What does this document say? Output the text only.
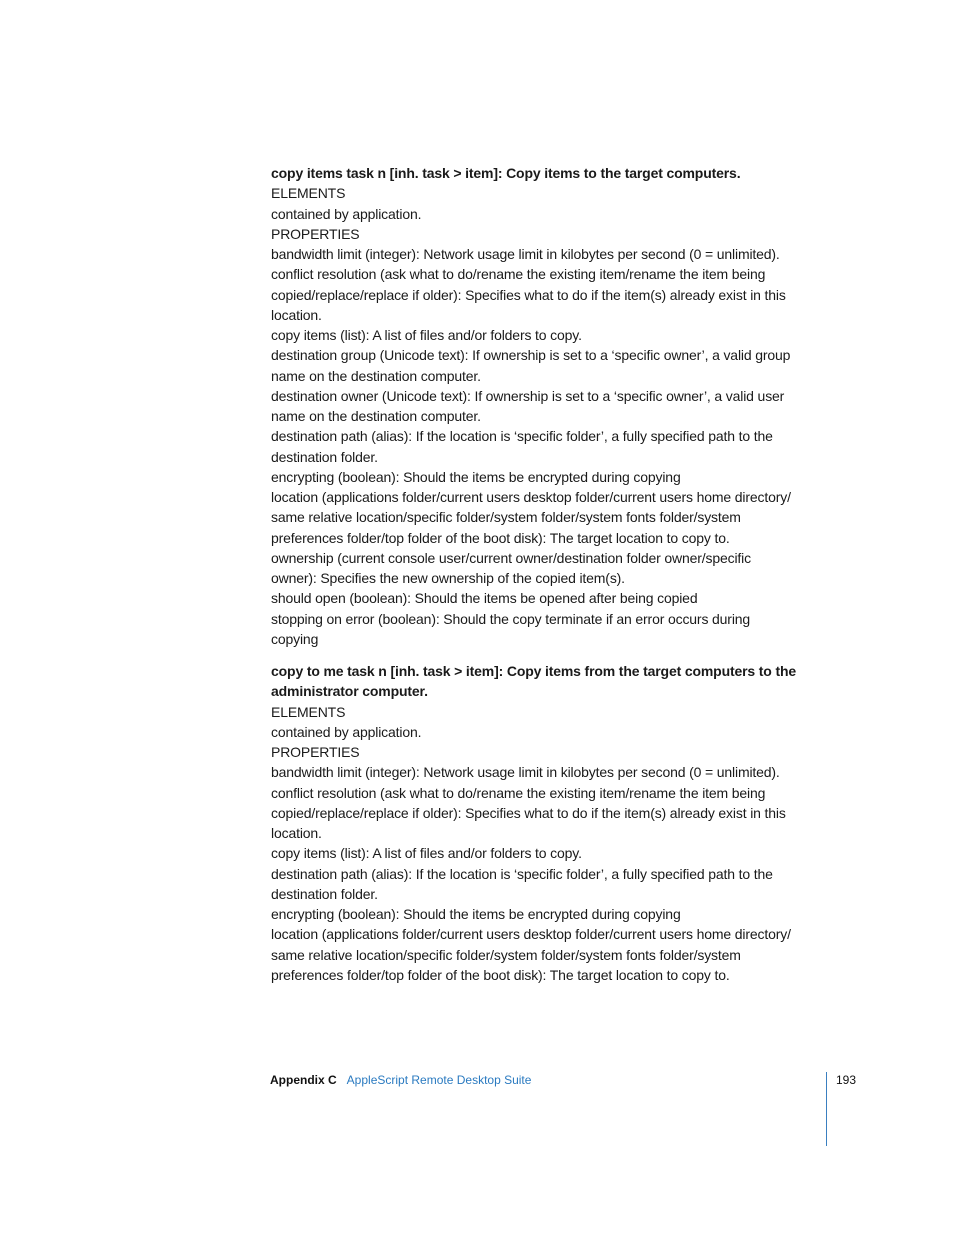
copy items task n [inh. task > item]: Copy items to the target computers.
ELEMENTS
contained by application.
PROPERTIES
bandwidth limit (integer): Network usage limit in kilobytes per second (0 = unlimited).
conflict resolution (ask what to do/rename the existing item/rename the item being
copied/replace/replace if older): Specifies what to do if the item(s) already exist in this
location.
copy items (list): A list of files and/or folders to copy.
destination group (Unicode text): If ownership is set to a ‘specific owner’, a valid group
name on the destination computer.
destination owner (Unicode text): If ownership is set to a ‘specific owner’, a valid user
name on the destination computer.
destination path (alias): If the location is ‘specific folder’, a fully specified path to the
destination folder.
encrypting (boolean): Should the items be encrypted during copying
location (applications folder/current users desktop folder/current users home directory/
same relative location/specific folder/system folder/system fonts folder/system
preferences folder/top folder of the boot disk): The target location to copy to.
ownership (current console user/current owner/destination folder owner/specific
owner): Specifies the new ownership of the copied item(s).
should open (boolean): Should the items be opened after being copied
stopping on error (boolean): Should the copy terminate if an error occurs during
copying
copy to me task n [inh. task > item]: Copy items from the target computers to the
administrator computer.
ELEMENTS
contained by application.
PROPERTIES
bandwidth limit (integer): Network usage limit in kilobytes per second (0 = unlimited).
conflict resolution (ask what to do/rename the existing item/rename the item being
copied/replace/replace if older): Specifies what to do if the item(s) already exist in this
location.
copy items (list): A list of files and/or folders to copy.
destination path (alias): If the location is ‘specific folder’, a fully specified path to the
destination folder.
encrypting (boolean): Should the items be encrypted during copying
location (applications folder/current users desktop folder/current users home directory/
same relative location/specific folder/system folder/system fonts folder/system
preferences folder/top folder of the boot disk): The target location to copy to.
Appendix C AppleScript Remote Desktop Suite	193
